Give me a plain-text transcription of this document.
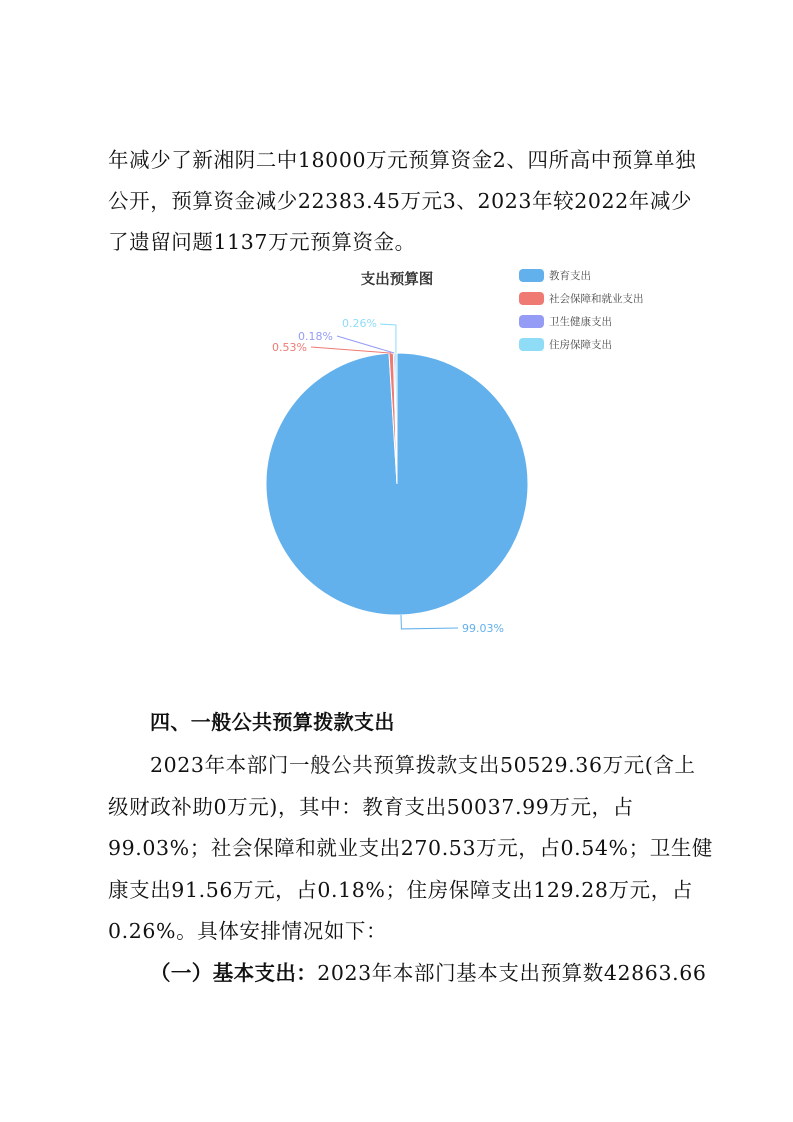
年减少了新湘阴二中18000万元预算资金2、四所高中预算单独
公开，预算资金减少22383.45万元3、2023年较2022年减少
了遗留问题1137万元预算资金。
支出预算图
99.03%
0.53%
0.18%
0.26%
教育支出
社会保障和就业支出
卫生健康支出
住房保障支出
四、一般公共预算拨款支出
2023年本部门一般公共预算拨款支出50529.36万元(含上
级财政补助0万元)，其中：教育支出50037.99万元，占
99.03%；社会保障和就业支出270.53万元，占0.54%；卫生健
康支出91.56万元，占0.18%；住房保障支出129.28万元，占
0.26%。具体安排情况如下：
（一）基本支出：2023年本部门基本支出预算数42863.66
